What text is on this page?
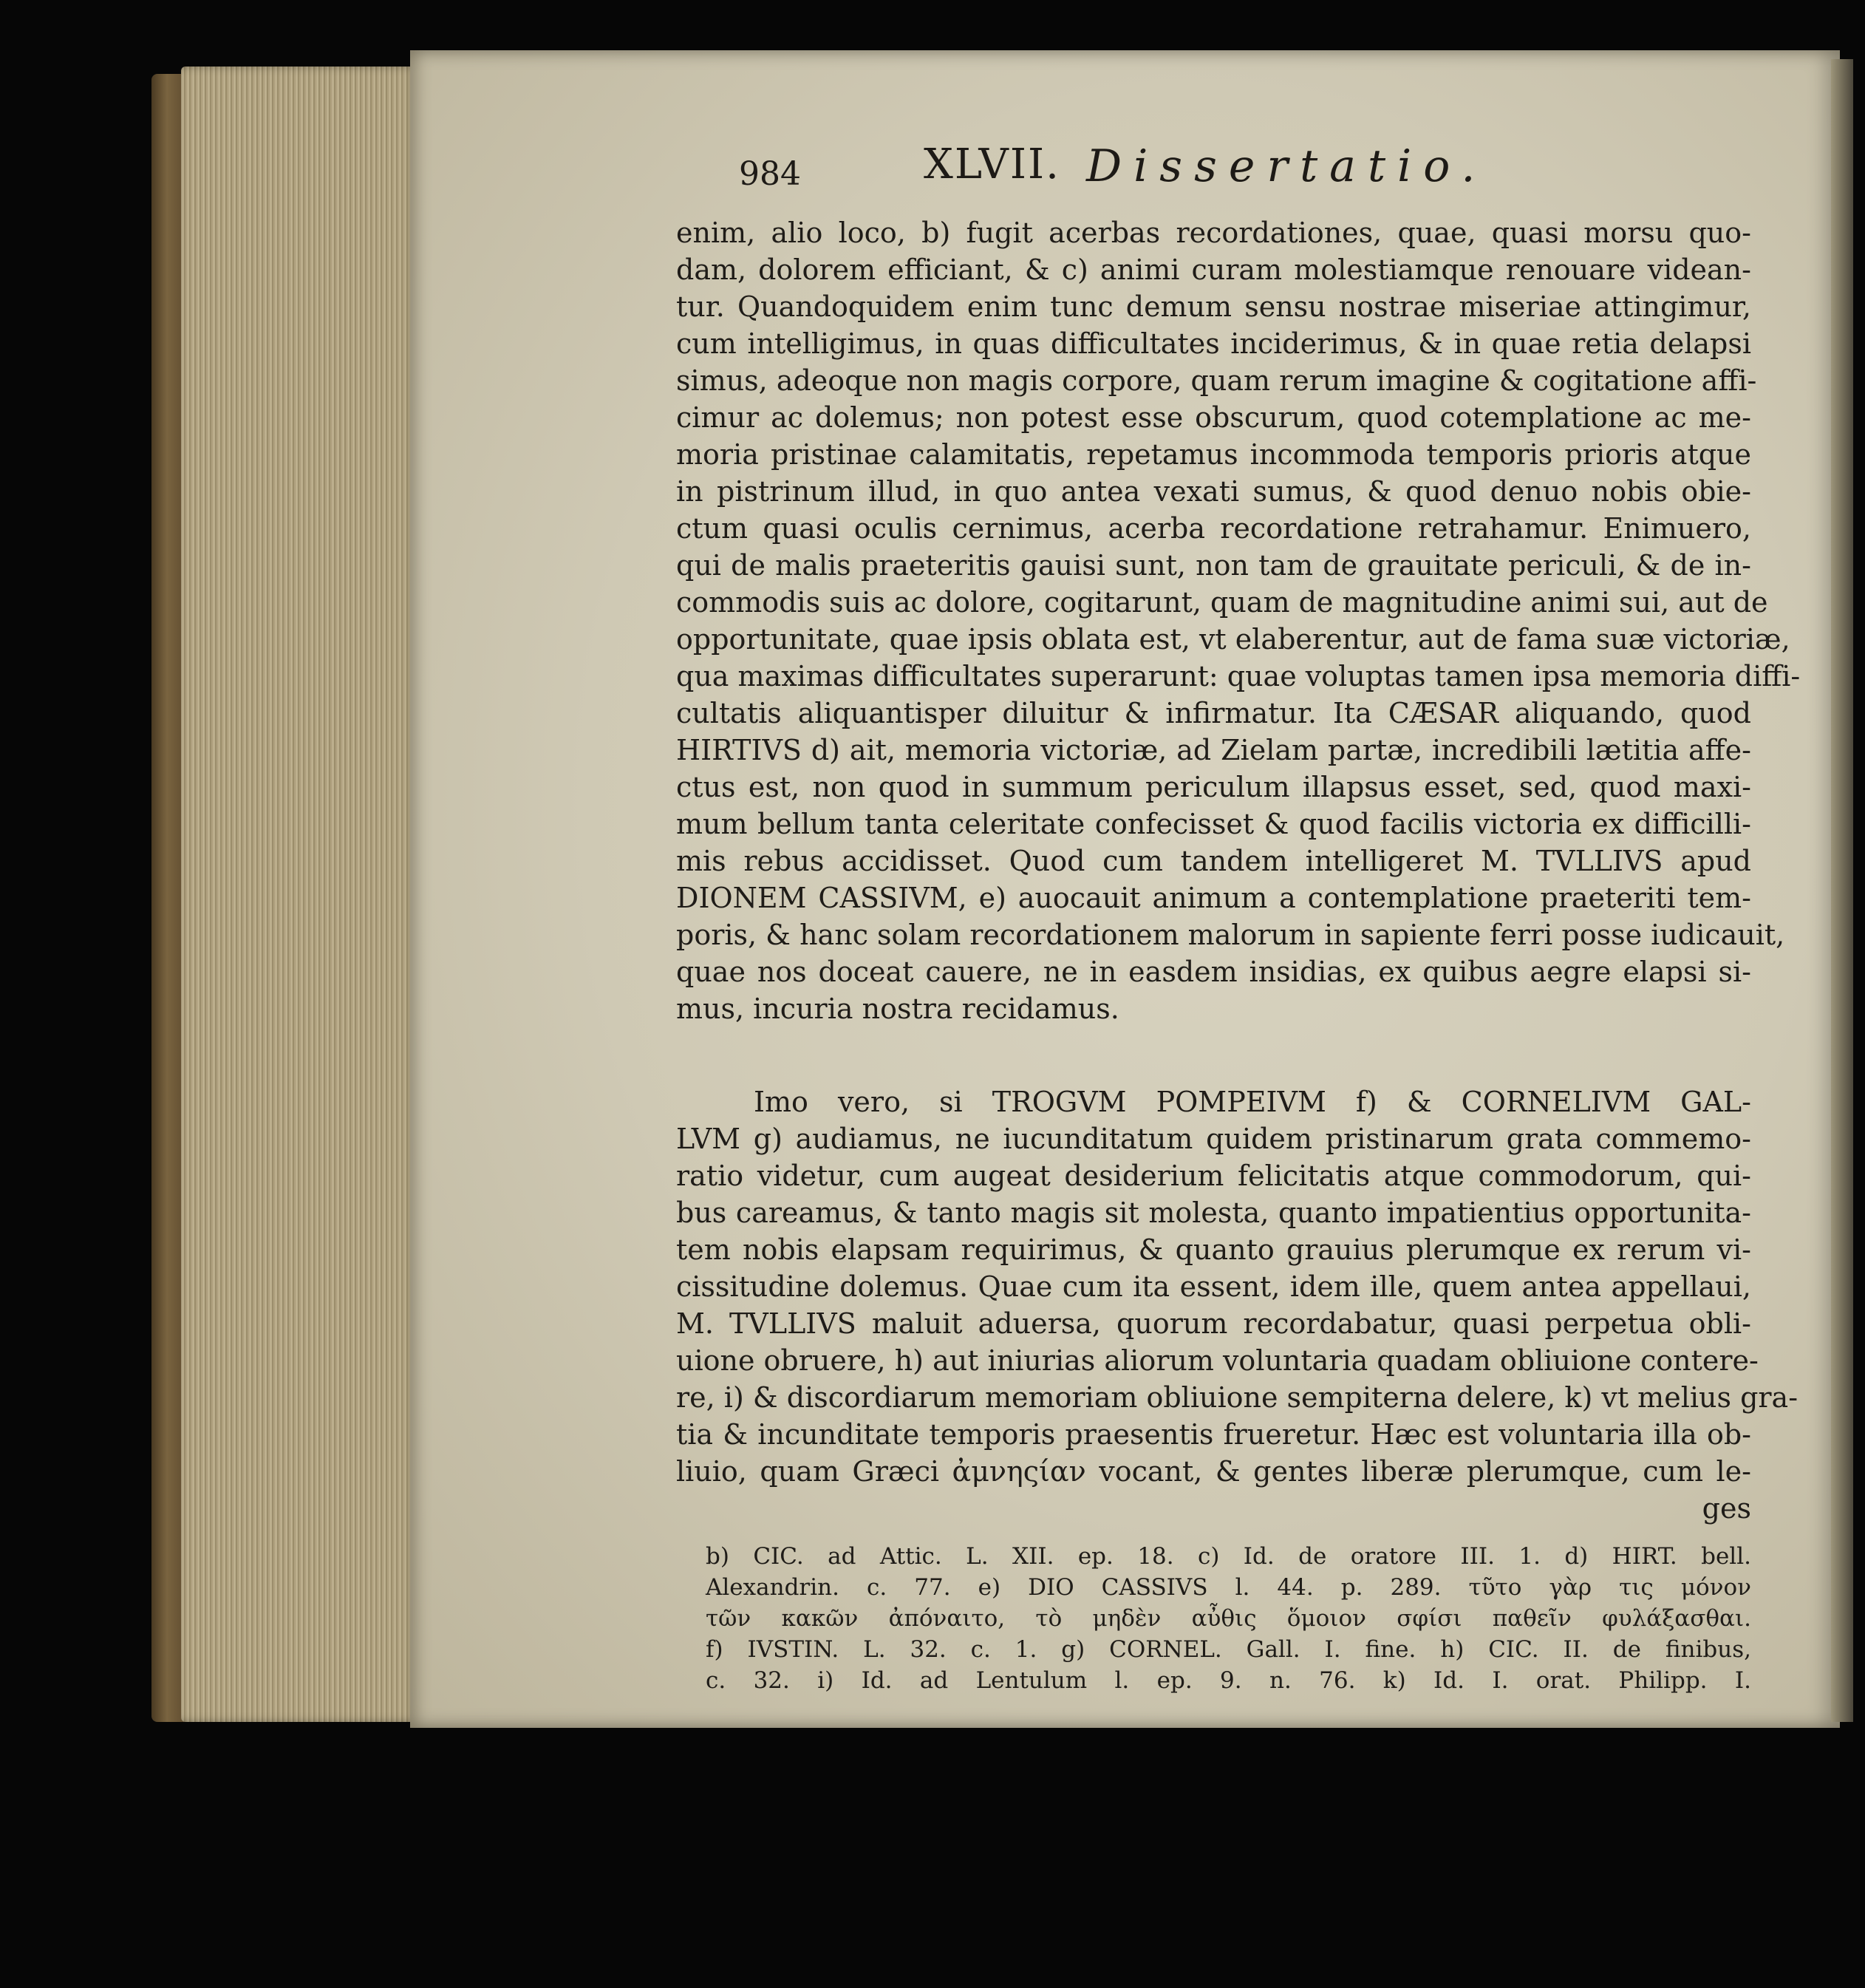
984	XLVII. Dissertatio.
enim, alio loco, b) fugit acerbas recordationes, quae, quasi morsu quo-
dam, dolorem efficiant, & c) animi curam molestiamque renouare videan-
tur. Quandoquidem enim tunc demum sensu nostrae miseriae attingimur,
cum intelligimus, in quas difficultates inciderimus, & in quae retia delapsi
simus, adeoque non magis corpore, quam rerum imagine & cogitatione affi-
cimur ac dolemus; non potest esse obscurum, quod cotemplatione ac me-
moria pristinae calamitatis, repetamus incommoda temporis prioris atque
in pistrinum illud, in quo antea vexati sumus, & quod denuo nobis obie-
ctum quasi oculis cernimus, acerba recordatione retrahamur. Enimuero,
qui de malis praeteritis gauisi sunt, non tam de grauitate periculi, & de in-
commodis suis ac dolore, cogitarunt, quam de magnitudine animi sui, aut de
opportunitate, quae ipsis oblata est, vt elaberentur, aut de fama suæ victoriæ,
qua maximas difficultates superarunt: quae voluptas tamen ipsa memoria diffi-
cultatis aliquantisper diluitur & infirmatur. Ita CÆSAR aliquando, quod
HIRTIVS d) ait, memoria victoriæ, ad Zielam partæ, incredibili lætitia affe-
ctus est, non quod in summum periculum illapsus esset, sed, quod maxi-
mum bellum tanta celeritate confecisset & quod facilis victoria ex difficilli-
mis rebus accidisset. Quod cum tandem intelligeret M. TVLLIVS apud
DIONEM CASSIVM, e) auocauit animum a contemplatione praeteriti tem-
poris, & hanc solam recordationem malorum in sapiente ferri posse iudicauit,
quae nos doceat cauere, ne in easdem insidias, ex quibus aegre elapsi si-
mus, incuria nostra recidamus.
Imo vero, si TROGVM POMPEIVM f) & CORNELIVM GAL-
LVM g) audiamus, ne iucunditatum quidem pristinarum grata commemo-
ratio videtur, cum augeat desiderium felicitatis atque commodorum, qui-
bus careamus, & tanto magis sit molesta, quanto impatientius opportunita-
tem nobis elapsam requirimus, & quanto grauius plerumque ex rerum vi-
cissitudine dolemus. Quae cum ita essent, idem ille, quem antea appellaui,
M. TVLLIVS maluit aduersa, quorum recordabatur, quasi perpetua obli-
uione obruere, h) aut iniurias aliorum voluntaria quadam obliuione contere-
re, i) & discordiarum memoriam obliuione sempiterna delere, k) vt melius gra-
tia & incunditate temporis praesentis frueretur. Hæc est voluntaria illa ob-
liuio, quam Græci ἀμνηςίαν vocant, & gentes liberæ plerumque, cum le-
ges
b) CIC. ad Attic. L. XII. ep. 18. c) Id. de oratore III. 1. d) HIRT. bell.
Alexandrin. c. 77. e) DIO CASSIVS l. 44. p. 289. τῦτο γὰρ τις μόνον
τῶν κακῶν ἀπόναιτο, τὸ μηδὲν αὖθις ὅμοιον σφίσι παθεῖν φυλάξασθαι.
f) IVSTIN. L. 32. c. 1. g) CORNEL. Gall. I. fine. h) CIC. II. de finibus,
c. 32. i) Id. ad Lentulum l. ep. 9. n. 76. k) Id. I. orat. Philipp. I.
